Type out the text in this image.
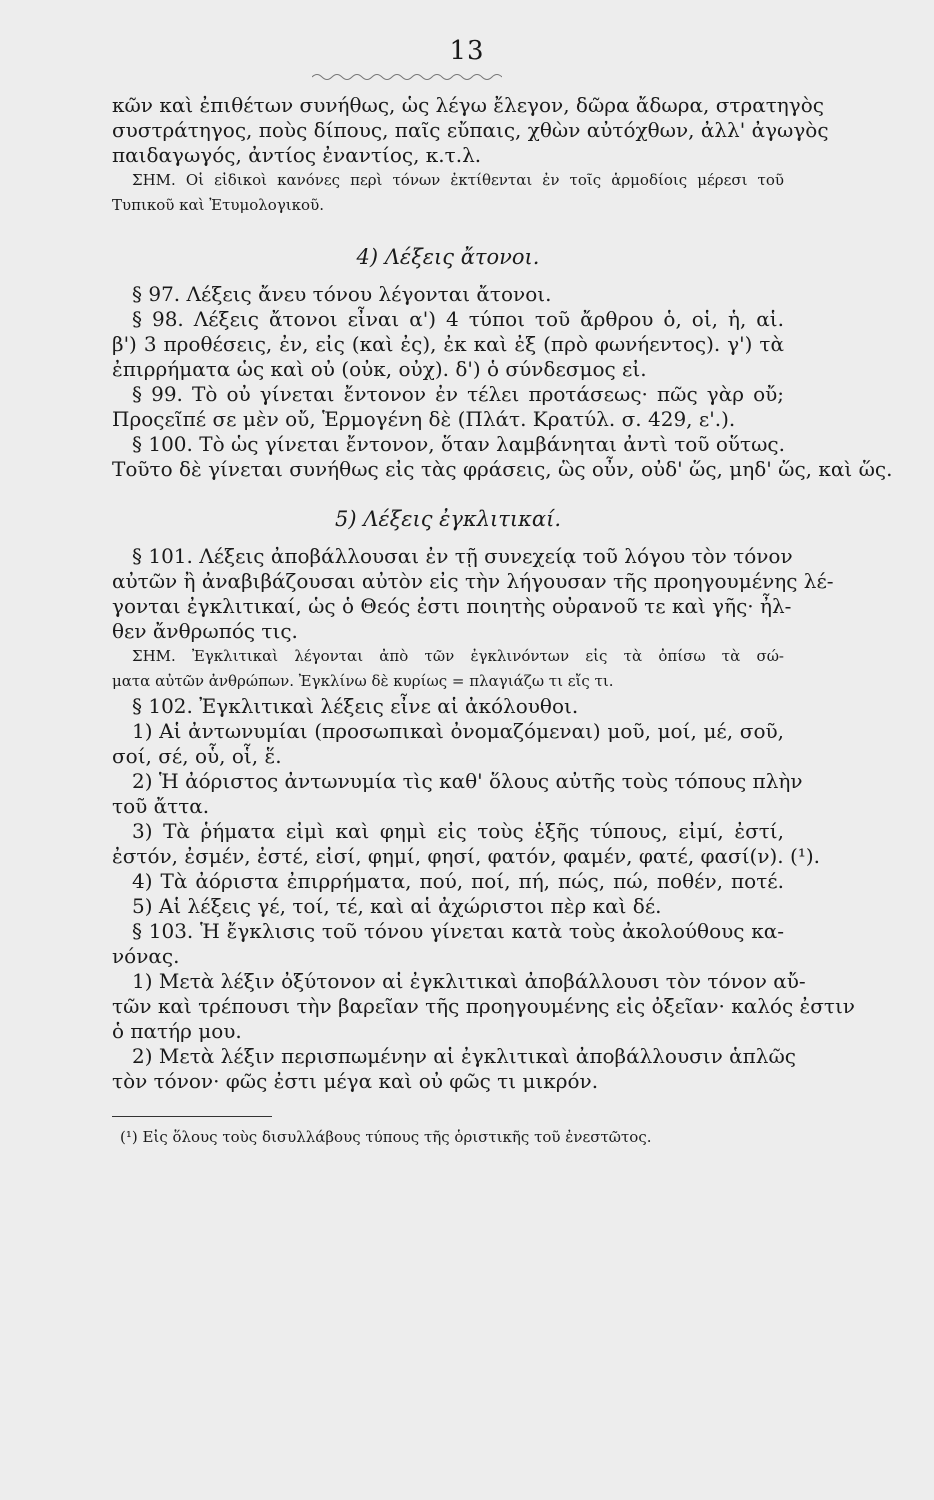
13
κῶν καὶ ἐπιθέτων συνήθως, ὡς λέγω ἔλεγον, δῶρα ἄδωρα, στρατηγὸς
συστράτηγος, ποὺς δίπους, παῖς εὔπαις, χθὼν αὐτόχθων, ἀλλ' ἀγωγὸς
παιδαγωγός, ἀντίος ἐναντίος, κ.τ.λ.
ΣΗΜ. Οἱ εἰδικοὶ κανόνες περὶ τόνων ἐκτίθενται ἐν τοῖς ἁρμοδίοις μέρεσι τοῦ
Τυπικοῦ καὶ Ἐτυμολογικοῦ.
4) Λέξεις ἄτονοι.
§ 97. Λέξεις ἄνευ τόνου λέγονται ἄτονοι.
§ 98. Λέξεις ἄτονοι εἶναι α') 4 τύποι τοῦ ἄρθρου ὁ, οἱ, ἡ, αἱ.
β') 3 προθέσεις, ἐν, εἰς (καὶ ἐς), ἐκ καὶ ἐξ (πρὸ φωνήεντος). γ') τὰ
ἐπιρρήματα ὡς καὶ οὐ (οὐκ, οὐχ). δ') ὁ σύνδεσμος εἰ.
§ 99. Τὸ οὐ γίνεται ἔντονον ἐν τέλει προτάσεως· πῶς γὰρ οὔ;
Προςεῖπέ σε μὲν οὔ, Ἑρμογένη δὲ (Πλάτ. Κρατύλ. σ. 429, ε'.).
§ 100. Τὸ ὡς γίνεται ἔντονον, ὅταν λαμβάνηται ἀντὶ τοῦ οὕτως.
Τοῦτο δὲ γίνεται συνήθως εἰς τὰς φράσεις, ὣς οὖν, οὐδ' ὥς, μηδ' ὥς, καὶ ὥς.
5) Λέξεις ἐγκλιτικαί.
§ 101. Λέξεις ἀποβάλλουσαι ἐν τῇ συνεχείᾳ τοῦ λόγου τὸν τόνον
αὐτῶν ἢ ἀναβιβάζουσαι αὐτὸν εἰς τὴν λήγουσαν τῆς προηγουμένης λέ-
γονται ἐγκλιτικαί, ὡς ὁ Θεός ἐστι ποιητὴς οὐρανοῦ τε καὶ γῆς· ἦλ-
θεν ἄνθρωπός τις.
ΣΗΜ. Ἐγκλιτικαὶ λέγονται ἀπὸ τῶν ἐγκλινόντων εἰς τὰ ὀπίσω τὰ σώ-
ματα αὐτῶν ἀνθρώπων. Ἐγκλίνω δὲ κυρίως = πλαγιάζω τι εἴς τι.
§ 102. Ἐγκλιτικαὶ λέξεις εἶνε αἱ ἀκόλουθοι.
1) Αἱ ἀντωνυμίαι (προσωπικαὶ ὀνομαζόμεναι) μοῦ, μοί, μέ, σοῦ,
σοί, σέ, οὗ, οἷ, ἕ.
2) Ἡ ἀόριστος ἀντωνυμία τὶς καθ' ὅλους αὐτῆς τοὺς τόπους πλὴν
τοῦ ἄττα.
3) Τὰ ῥήματα εἰμὶ καὶ φημὶ εἰς τοὺς ἑξῆς τύπους, εἰμί, ἐστί,
ἐστόν, ἐσμέν, ἐστέ, εἰσί, φημί, φησί, φατόν, φαμέν, φατέ, φασί(ν). (¹).
4) Τὰ ἀόριστα ἐπιρρήματα, πού, ποί, πή, πώς, πώ, ποθέν, ποτέ.
5) Αἱ λέξεις γέ, τοί, τέ, καὶ αἱ ἀχώριστοι πὲρ καὶ δέ.
§ 103. Ἡ ἔγκλισις τοῦ τόνου γίνεται κατὰ τοὺς ἀκολούθους κα-
νόνας.
1) Μετὰ λέξιν ὀξύτονον αἱ ἐγκλιτικαὶ ἀποβάλλουσι τὸν τόνον αὔ-
τῶν καὶ τρέπουσι τὴν βαρεῖαν τῆς προηγουμένης εἰς ὀξεῖαν· καλός ἐστιν
ὁ πατήρ μου.
2) Μετὰ λέξιν περισπωμένην αἱ ἐγκλιτικαὶ ἀποβάλλουσιν ἁπλῶς
τὸν τόνον· φῶς ἐστι μέγα καὶ οὐ φῶς τι μικρόν.
(¹) Εἰς ὅλους τοὺς δισυλλάβους τύπους τῆς ὁριστικῆς τοῦ ἐνεστῶτος.
